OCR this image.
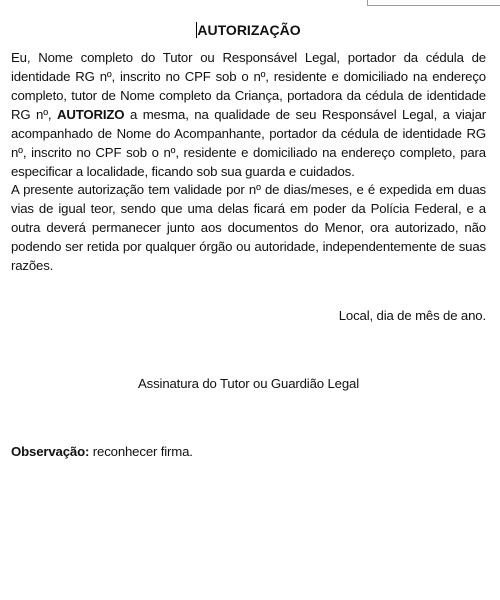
AUTORIZAÇÃO

Eu, Nome completo do Tutor ou Responsável Legal, portador da cédula de identidade RG nº, inscrito no CPF sob o nº, residente e domiciliado na endereço completo, tutor de Nome completo da Criança, portadora da cédula de identidade RG nº, AUTORIZO a mesma, na qualidade de seu Responsável Legal, a viajar acompanhado de Nome do Acompanhante, portador da cédula de identidade RG nº, inscrito no CPF sob o nº, residente e domiciliado na endereço completo, para especificar a localidade, ficando sob sua guarda e cuidados.

A presente autorização tem validade por nº de dias/meses, e é expedida em duas vias de igual teor, sendo que uma delas ficará em poder da Polícia Federal, e a outra deverá permanecer junto aos documentos do Menor, ora autorizado, não podendo ser retida por qualquer órgão ou autoridade, independentemente de suas razões.

Local, dia de mês de ano.
Assinatura do Tutor ou Guardião Legal
Observação: reconhecer firma.
